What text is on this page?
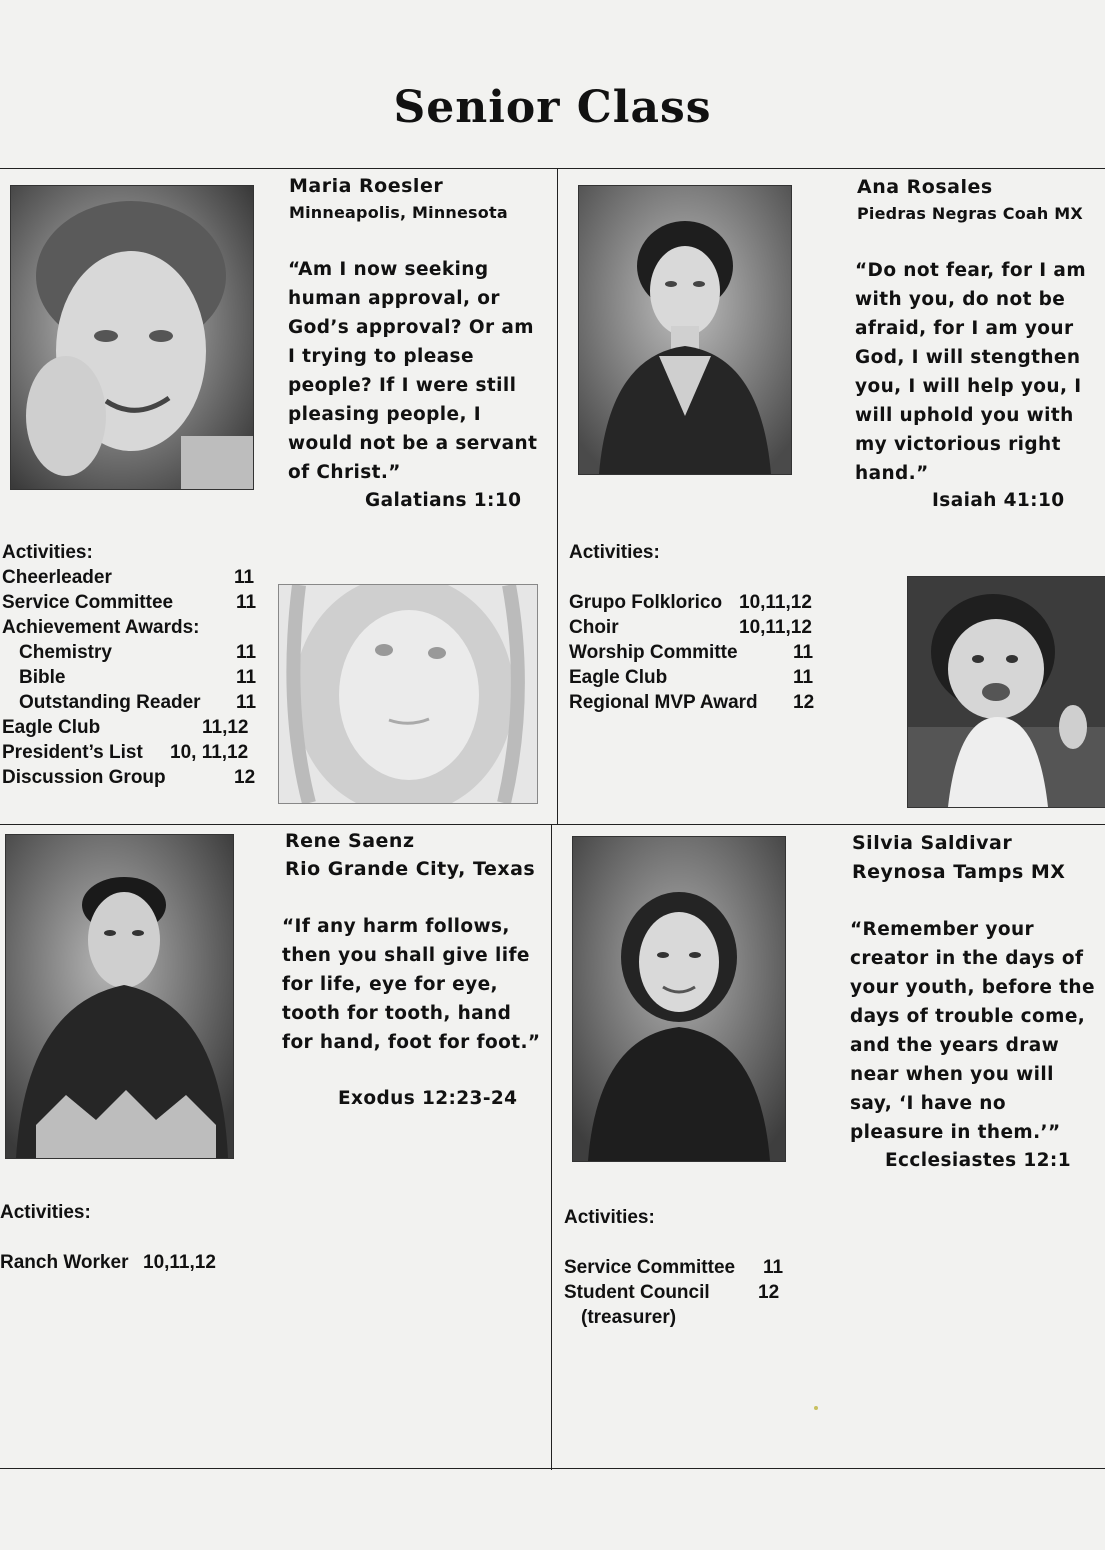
Senior Class
Maria Roesler
Minneapolis, Minnesota
“Am I now seeking
human approval, or
God’s approval? Or am
I trying to please
people? If I were still
pleasing people, I
would not be a servant
of Christ.”
Galatians 1:10
Activities:
Cheerleader	11
Service Committee	11
Achievement Awards:
Chemistry	11
Bible	11
Outstanding Reader 11
Eagle Club	11,12
President’s List 10, 11,12
Discussion Group	12
Ana Rosales
Piedras Negras Coah MX
“Do not fear, for I am
with you, do not be
afraid, for I am your
God, I will stengthen
you, I will help you, I
will uphold you with
my victorious right
hand.”
Isaiah 41:10
Activities:
Grupo Folklorico 10,11,12
Choir	10,11,12
Worship Committe	11
Eagle Club	11
Regional MVP Award 12
Rene Saenz
Rio Grande City, Texas
“If any harm follows,
then you shall give life
for life, eye for eye,
tooth for tooth, hand
for hand, foot for foot.”
Exodus 12:23-24
Activities:
Ranch Worker 10,11,12
Silvia Saldivar
Reynosa Tamps MX
“Remember your
creator in the days of
your youth, before the
days of trouble come,
and the years draw
near when you will
say, ‘I have no
pleasure in them.’”
Ecclesiastes 12:1
Activities:
Service Committee 11
Student Council	12
(treasurer)
